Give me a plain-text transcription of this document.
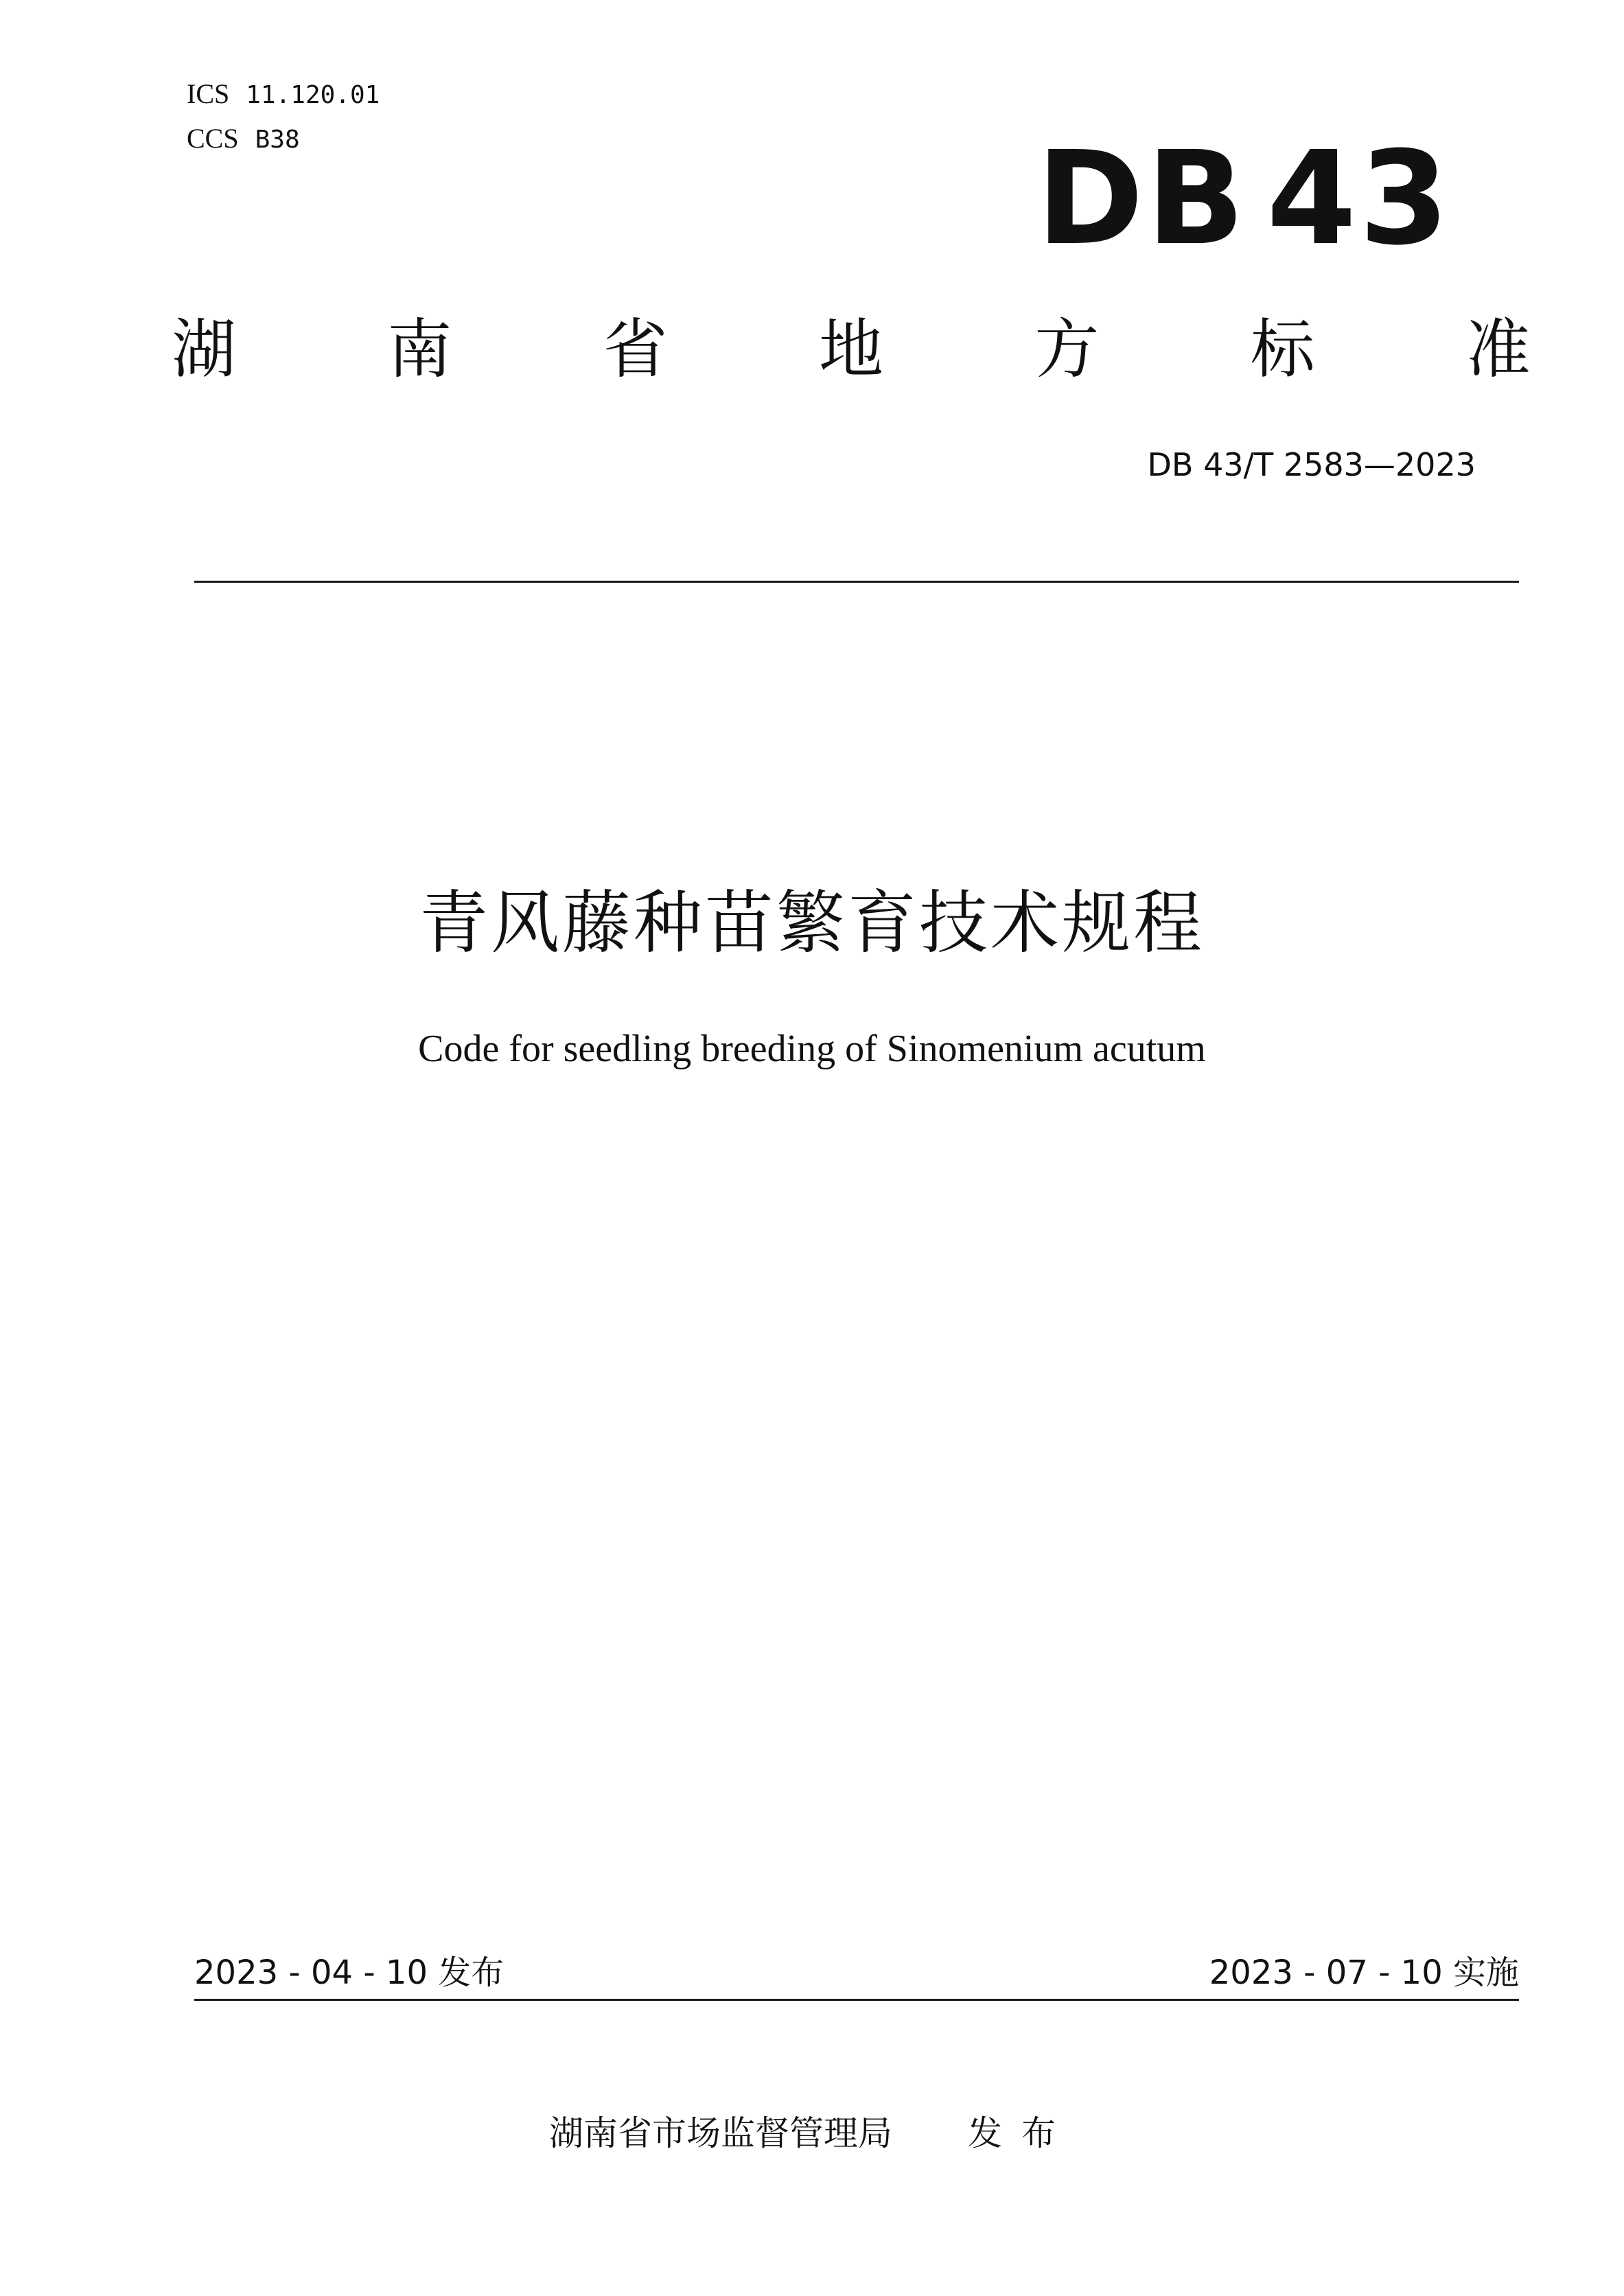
ICS 11.120.01
CCS B38	DB 43
湖 南 省 地 方 标 准
DB 43/T 2583—2023
青风藤种苗繁育技术规程
Code for seedling breeding of Sinomenium acutum
2023 - 04 - 10 发布	2023 - 07 - 10 实施
湖南省市场监督管理局 发布
